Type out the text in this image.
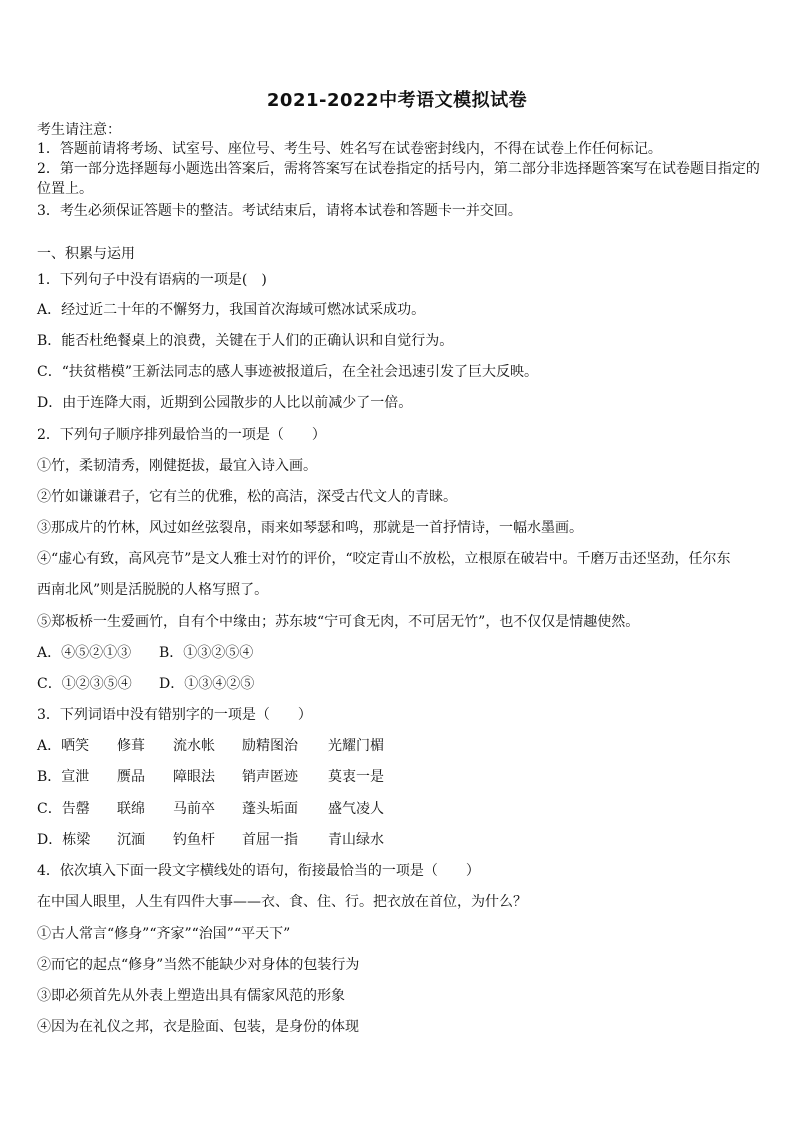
2021-2022中考语文模拟试卷
考生请注意：
1．答题前请将考场、试室号、座位号、考生号、姓名写在试卷密封线内，不得在试卷上作任何标记。
2．第一部分选择题每小题选出答案后，需将答案写在试卷指定的括号内，第二部分非选择题答案写在试卷题目指定的
位置上。
3．考生必须保证答题卡的整洁。考试结束后，请将本试卷和答题卡一并交回。
一、积累与运用
1．下列句子中没有语病的一项是(　)
A．经过近二十年的不懈努力，我国首次海域可燃冰试采成功。
B．能否杜绝餐桌上的浪费，关键在于人们的正确认识和自觉行为。
C．“扶贫楷模”王新法同志的感人事迹被报道后，在全社会迅速引发了巨大反映。
D．由于连降大雨，近期到公园散步的人比以前减少了一倍。
2．下列句子顺序排列最恰当的一项是（　　）
①竹，柔韧清秀，刚健挺拔，最宜入诗入画。
②竹如谦谦君子，它有兰的优雅，松的高洁，深受古代文人的青睐。
③那成片的竹林，风过如丝弦裂帛，雨来如琴瑟和鸣，那就是一首抒情诗，一幅水墨画。
④“虚心有致，高风亮节”是文人雅士对竹的评价，“咬定青山不放松，立根原在破岩中。千磨万击还坚劲，任尔东
西南北风”则是活脱脱的人格写照了。
⑤郑板桥一生爱画竹，自有个中缘由；苏东坡“宁可食无肉，不可居无竹”，也不仅仅是情趣使然。
A．④⑤②①③ B．①③②⑤④
C．①②③⑤④ D．①③④②⑤
3．下列词语中没有错别字的一项是（　　）
A．哂笑 修葺 流水帐 励精图治 光耀门楣
B．宣泄 赝品 障眼法 销声匿迹 莫衷一是
C．告罄 联绵 马前卒 蓬头垢面 盛气凌人
D．栋梁 沉湎 钓鱼杆 首屈一指 青山绿水
4．依次填入下面一段文字横线处的语句，衔接最恰当的一项是（　　）
在中国人眼里，人生有四件大事——衣、食、住、行。把衣放在首位，为什么？
①古人常言“修身”“齐家”“治国”“平天下”
②而它的起点“修身”当然不能缺少对身体的包装行为
③即必须首先从外表上塑造出具有儒家风范的形象
④因为在礼仪之邦，衣是脸面、包装，是身份的体现
